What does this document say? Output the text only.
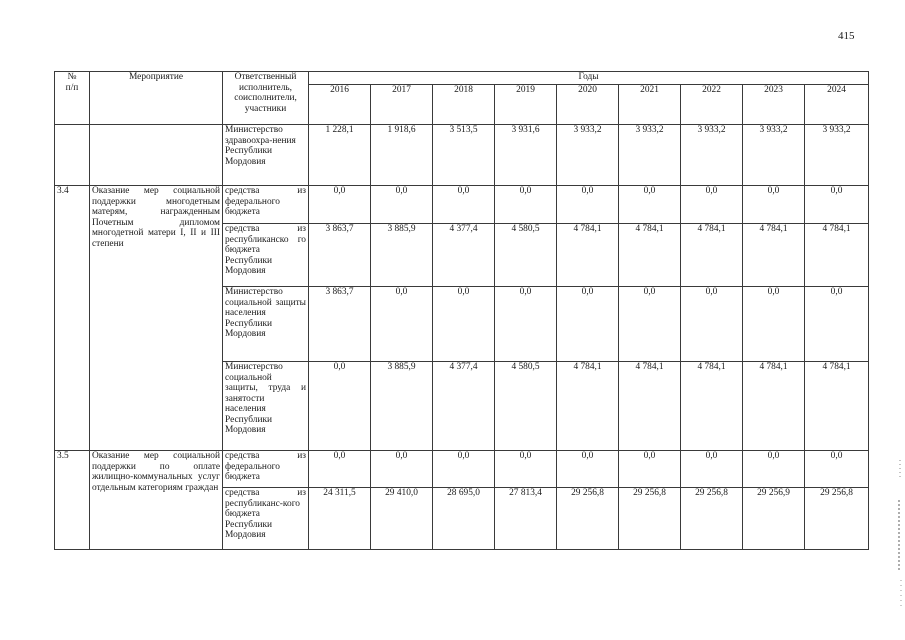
415
№
п/п	Мероприятие	Ответственный исполнитель, соисполнители, участники	Годы								
			2016	2017	2018	2019	2020	2021	2022	2023	2024
		Министерство здравоохра-нения Республики Мордовия	1 228,1	1 918,6	3 513,5	3 931,6	3 933,2	3 933,2	3 933,2	3 933,2	3 933,2
3.4	Оказание мер социальной поддержки многодетным матерям, награжденным Почетным дипломом многодетной матери I, II и III степени	средства из федерального бюджета	0,0	0,0	0,0	0,0	0,0	0,0	0,0	0,0	0,0
		средства из республиканско го бюджета Республики Мордовия	3 863,7	3 885,9	4 377,4	4 580,5	4 784,1	4 784,1	4 784,1	4 784,1	4 784,1
		Министерство социальной защиты населения Республики Мордовия	3 863,7	0,0	0,0	0,0	0,0	0,0	0,0	0,0	0,0
		Министерство социальной защиты, труда и занятости населения Республики Мордовия	0,0	3 885,9	4 377,4	4 580,5	4 784,1	4 784,1	4 784,1	4 784,1	4 784,1
3.5	Оказание мер социальной поддержки по оплате жилищно-коммунальных услуг отдельным категориям граждан	средства из федерального бюджета	0,0	0,0	0,0	0,0	0,0	0,0	0,0	0,0	0,0
		средства из республиканс-кого бюджета Республики Мордовия	24 311,5	29 410,0	28 695,0	27 813,4	29 256,8	29 256,8	29 256,8	29 256,9	29 256,8
